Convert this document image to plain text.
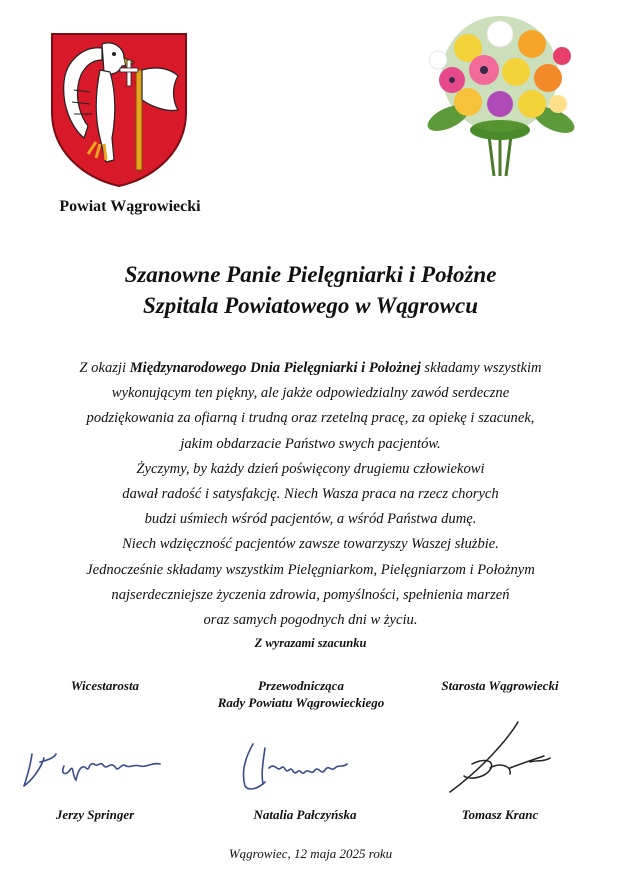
Powiat Wągrowiecki
Szanowne Panie Pielęgniarki i Położne
Szpitala Powiatowego w Wągrowcu
Z okazji Międzynarodowego Dnia Pielęgniarki i Położnej składamy wszystkim
wykonującym ten piękny, ale jakże odpowiedzialny zawód serdeczne
podziękowania za ofiarną i trudną oraz rzetelną pracę, za opiekę i szacunek,
jakim obdarzacie Państwo swych pacjentów.
Życzymy, by każdy dzień poświęcony drugiemu człowiekowi
dawał radość i satysfakcję. Niech Wasza praca na rzecz chorych
budzi uśmiech wśród pacjentów, a wśród Państwa dumę.
Niech wdzięczność pacjentów zawsze towarzyszy Waszej służbie.
Jednocześnie składamy wszystkim Pielęgniarkom, Pielęgniarzom i Położnym
najserdeczniejsze życzenia zdrowia, pomyślności, spełnienia marzeń
oraz samych pogodnych dni w życiu.
Z wyrazami szacunku
Wicestarosta	Przewodnicząca
Rady Powiatu Wągrowieckiego
Starosta Wągrowiecki
Jerzy Springer	Natalia Pałczyńska	Tomasz Kranc
Wągrowiec, 12 maja 2025 roku
